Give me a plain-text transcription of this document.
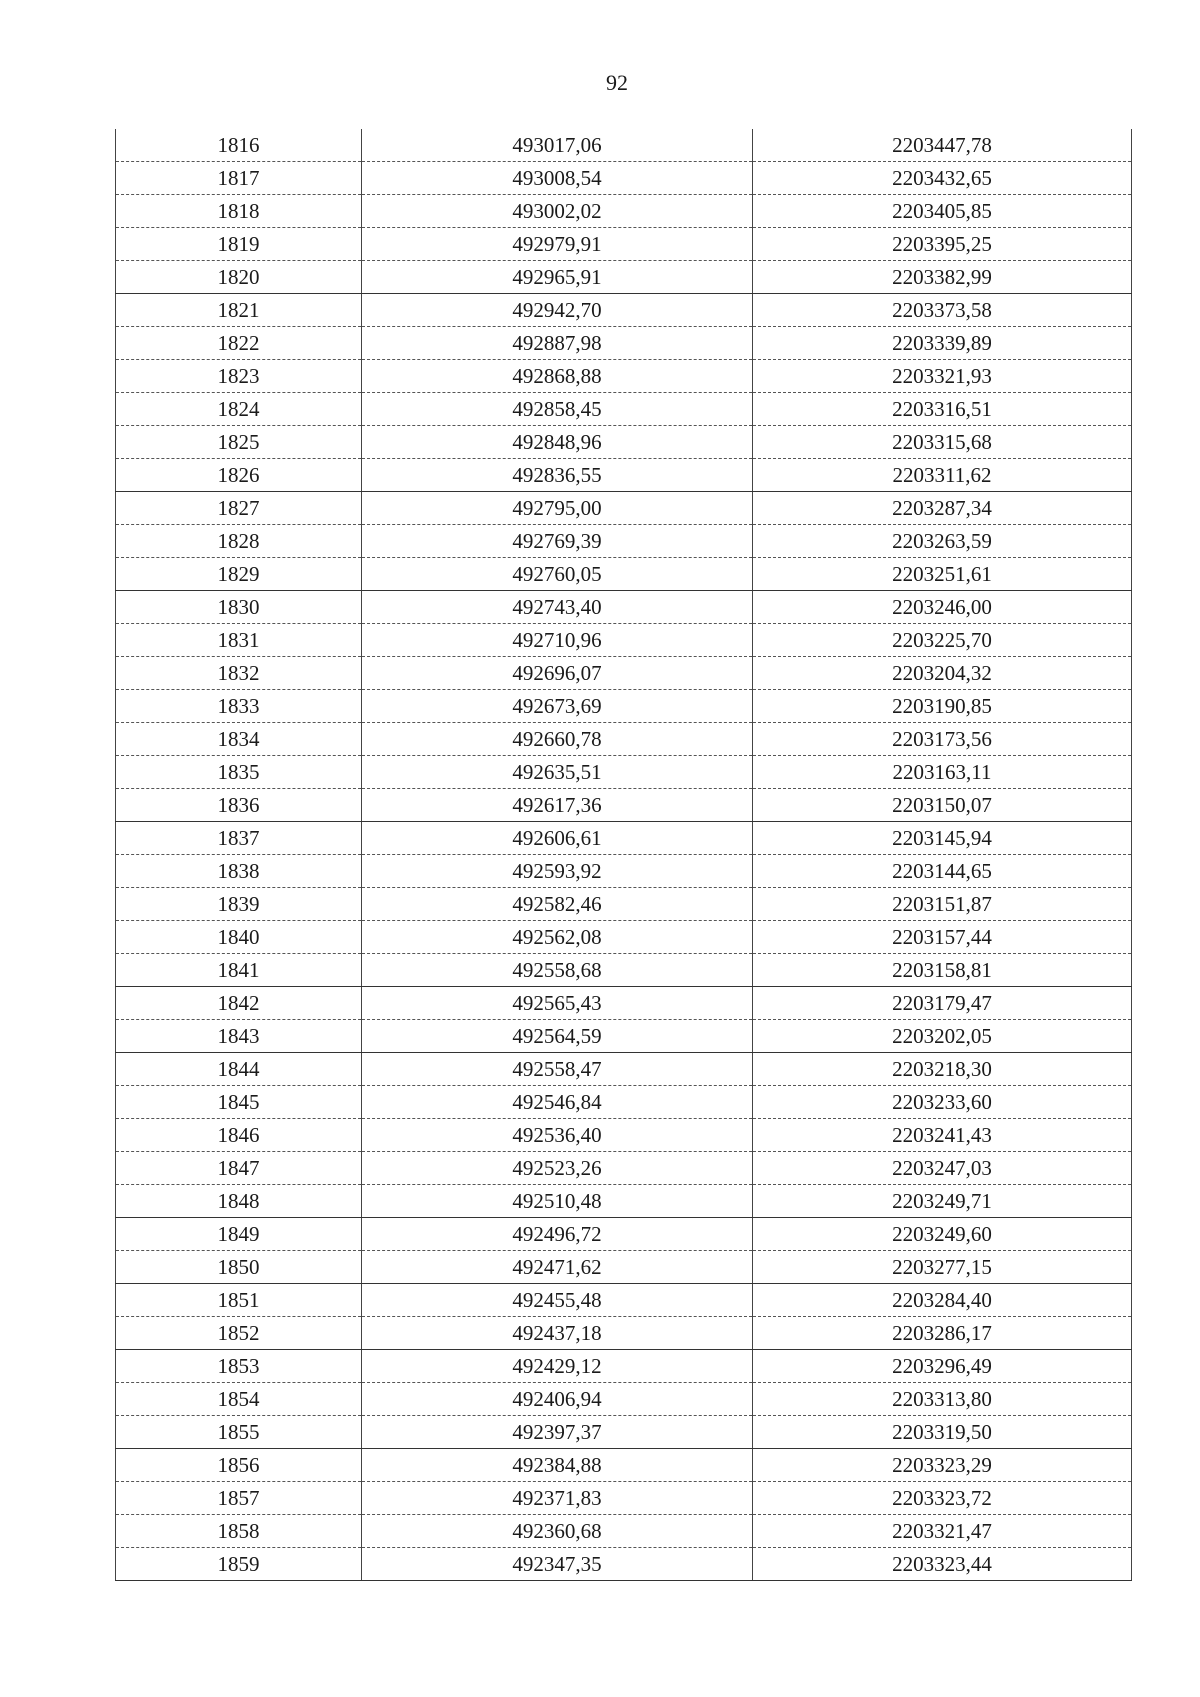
92
1816	493017,06	2203447,78
1817	493008,54	2203432,65
1818	493002,02	2203405,85
1819	492979,91	2203395,25
1820	492965,91	2203382,99
1821	492942,70	2203373,58
1822	492887,98	2203339,89
1823	492868,88	2203321,93
1824	492858,45	2203316,51
1825	492848,96	2203315,68
1826	492836,55	2203311,62
1827	492795,00	2203287,34
1828	492769,39	2203263,59
1829	492760,05	2203251,61
1830	492743,40	2203246,00
1831	492710,96	2203225,70
1832	492696,07	2203204,32
1833	492673,69	2203190,85
1834	492660,78	2203173,56
1835	492635,51	2203163,11
1836	492617,36	2203150,07
1837	492606,61	2203145,94
1838	492593,92	2203144,65
1839	492582,46	2203151,87
1840	492562,08	2203157,44
1841	492558,68	2203158,81
1842	492565,43	2203179,47
1843	492564,59	2203202,05
1844	492558,47	2203218,30
1845	492546,84	2203233,60
1846	492536,40	2203241,43
1847	492523,26	2203247,03
1848	492510,48	2203249,71
1849	492496,72	2203249,60
1850	492471,62	2203277,15
1851	492455,48	2203284,40
1852	492437,18	2203286,17
1853	492429,12	2203296,49
1854	492406,94	2203313,80
1855	492397,37	2203319,50
1856	492384,88	2203323,29
1857	492371,83	2203323,72
1858	492360,68	2203321,47
1859	492347,35	2203323,44
